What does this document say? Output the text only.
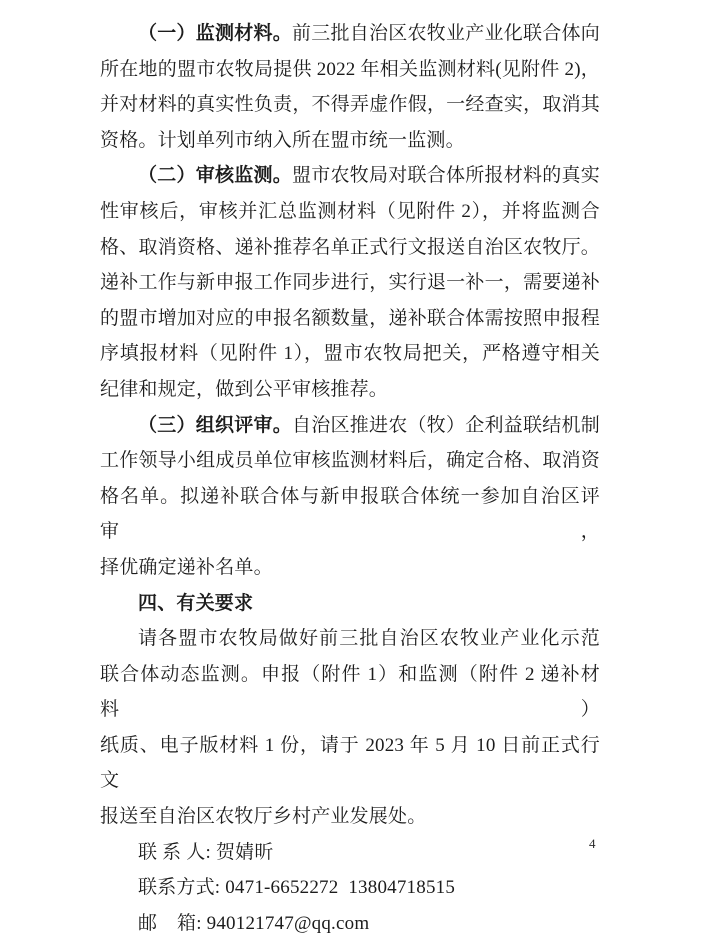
（一）监测材料。前三批自治区农牧业产业化联合体向
所在地的盟市农牧局提供 2022 年相关监测材料(见附件 2)，
并对材料的真实性负责，不得弄虚作假，一经查实，取消其
资格。计划单列市纳入所在盟市统一监测。
（二）审核监测。盟市农牧局对联合体所报材料的真实
性审核后，审核并汇总监测材料（见附件 2），并将监测合
格、取消资格、递补推荐名单正式行文报送自治区农牧厅。
递补工作与新申报工作同步进行，实行退一补一，需要递补
的盟市增加对应的申报名额数量，递补联合体需按照申报程
序填报材料（见附件 1），盟市农牧局把关，严格遵守相关
纪律和规定，做到公平审核推荐。
（三）组织评审。自治区推进农（牧）企利益联结机制
工作领导小组成员单位审核监测材料后，确定合格、取消资
格名单。拟递补联合体与新申报联合体统一参加自治区评审，
择优确定递补名单。
四、有关要求
请各盟市农牧局做好前三批自治区农牧业产业化示范
联合体动态监测。申报（附件 1）和监测（附件 2 递补材料）
纸质、电子版材料 1 份，请于 2023 年 5 月 10 日前正式行文
报送至自治区农牧厅乡村产业发展处。
联 系 人: 贺婧昕
联系方式: 0471-6652272  13804718515
邮    箱: 940121747@qq.com
4
